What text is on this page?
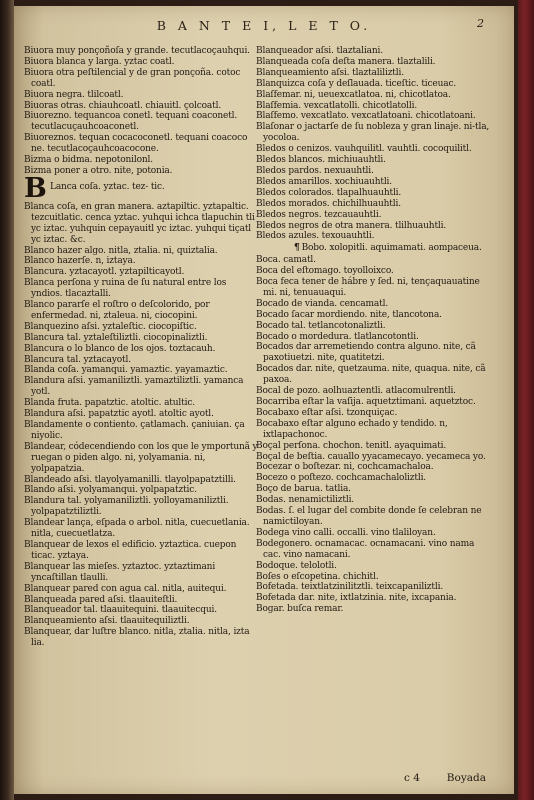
B A N T E I, L E T O.	2

Biuora muy ponçoñoſa y grande. tecutlacoçauhqui.

Biuora blanca y larga. yztac coatl.

Biuora otra peſtilencial y de gran ponçoña. cotoc coatl.

Biuora negra. tlilcoatl.

Biuoras otras. chiauhcoatl. chiauitl. çolcoatl.

Biuorezno. tequancoa conetl. tequani coaconetl. tecutlacuçauhcoaconetl.

Biuoreznos. tequan cocacoconetl. tequani coacoco ne. tecutlacoçauhcoacocone.

Bizma o bidma. nepotonilonl.

Bizma poner a otro. nite, potonia.

B Lanca coſa. yztac. tez- tic.

Blanca coſa, en gran manera. aztapiltic. yztapaltic. tezcuitlatic. cenca yztac. yuhqui ichca tlapuchin tli yc iztac. yuhquin cepayauitl yc iztac. yuhqui tiçatl yc iztac. &c.

Blanco hazer algo. nitla, ztalia. ni, quiztalia.

Blanco hazerſe. n, iztaya.

Blancura. yztacayotl. yztapilticayotl.

Blanca perſona y ruina de ſu natural entre los yndios. tlacaztalli.

Blanco pararſe el roſtro o deſcolorido, por enfermedad. ni, ztaleua. ni, ciocopini.

Blanquezino aſsi. yztaleſtic. ciocopiſtic.

Blancura tal. yztaleſtiliztli. ciocopinaliztli.

Blancura o lo blanco de los ojos. toztacauh.

Blancura tal. yztacayotl.

Blanda coſa. yamanqui. yamaztic. yayamaztic.

Blandura aſsi. yamaniliztli. yamaztiliztli. yamanca yotl.

Blanda fruta. papatztic. atoltic. atultic.

Blandura aſsi. papatztic ayotl. atoltic ayotl.

Blandamente o contiento. çatlamach. çaniuian. ça niyolic.

Blandear, códecendiendo con los que le ymportunã y ruegan o piden algo. ni, yolyamania. ni, yolpapatzia.

Blandeado aſsi. tlayolyamanilli. tlayolpapatztilli.

Blando aſsi. yolyamanqui. yolpapatztic.

Blandura tal. yolyamaniliztli. yolloyamaniliztli. yolpapatztiliztli.

Blandear lança, eſpada o arbol. nitla, cuecuetlania. nitla, cuecuetlatza.

Blanquear de lexos el edificio. yztaztica. cuepon ticac. yztaya.

Blanquear las mieſes. yztaztoc. yztaztimani yncaſtillan tlaulli.

Blanquear pared con agua cal. nitla, auitequi.

Blanqueada pared aſsi. tlaauiteſtli.

Blanqueador tal. tlaauitequini. tlaauitecqui.

Blanqueamiento aſsi. tlaauitequiliztli.

Blanquear, dar luſtre blanco. nitla, ztalia. nitla, izta lia.

Blanqueador aſsi. tlaztaliani.

Blanqueada coſa deſta manera. tlaztalili.

Blanqueamiento aſsi. tlaztaliliztli.

Blanquizca coſa y deſlauada. ticeſtic. ticeuac.

Blaſfemar. ni, ueuexcatlatoa. ni, chicotlatoa.

Blaſfemia. vexcatlatolli. chicotlatolli.

Blaſfemo. vexcatlato. vexcatlatoani. chicotlatoani.

Blaſonar o jactarſe de ſu nobleza y gran linaje. ni-tla, yocoloa.

Bledos o cenizos. vauhquilitl. vauhtli. cocoquilitl.

Bledos blancos. michiuauhtli.

Bledos pardos. nexuauhtli.

Bledos amarillos. xochiuauhtli.

Bledos colorados. tlapalhuauhtli.

Bledos morados. chichilhuauhtli.

Bledos negros. tezcauauhtli.

Bledos negros de otra manera. tlilhuauhtli.

Bledos azules. texouauhtli.

¶ Bobo. xolopitli. aquimamati. aompaceua.

Boca. camatl.

Boca del eſtomago. toyolloixco.

Boca feca tener de hábre y ſed. ni, tençaquauatine mi. ni, tenuauaqui.

Bocado de vianda. cencamatl.

Bocado ſacar mordiendo. nite, tlancotona.

Bocado tal. tetlancotonaliztli.

Bocado o mordedura. tlatlancotontli.

Bocados dar arremetiendo contra alguno. nite, cã paxotiuetzi. nite, quatitetzi.

Bocados dar. nite, quetzauma. nite, quaqua. nite, cã paxoa.

Bocal de pozo. aolhuaztentli. atlacomulrentli.

Bocarriba eſtar la vaſija. aquetztimani. aquetztoc.

Bocabaxo eſtar aſsi. tzonquiçac.

Bocabaxo eſtar alguno echado y tendido. n, ixtlapachonoc.

Boçal perſona. chochon. tenitl. ayaquimati.

Boçal de beſtia. cauallo yyacamecayo. yecameca yo.

Bocezar o boſtezar. ni, cochcamachaloa.

Bocezo o poſtezo. cochcamachaloliztli.

Boço de barua. tatlia.

Bodas. nenamictiliztli.

Bodas. ſ. el lugar del combite donde ſe celebran ne namictiloyan.

Bodega vino calli. occalli. vino tlaliloyan.

Bodegonero. ocnamacac. ocnamacani. vino nama cac. vino namacani.

Bodoque. telolotli.

Boſes o eſcopetina. chichitl.

Bofetada. teixtlatzinilitztli. teixcapaniliztli.

Bofetada dar. nite, ixtlatzinia. nite, ixcapania.

Bogar. buſca remar.

c 4	Boyada
